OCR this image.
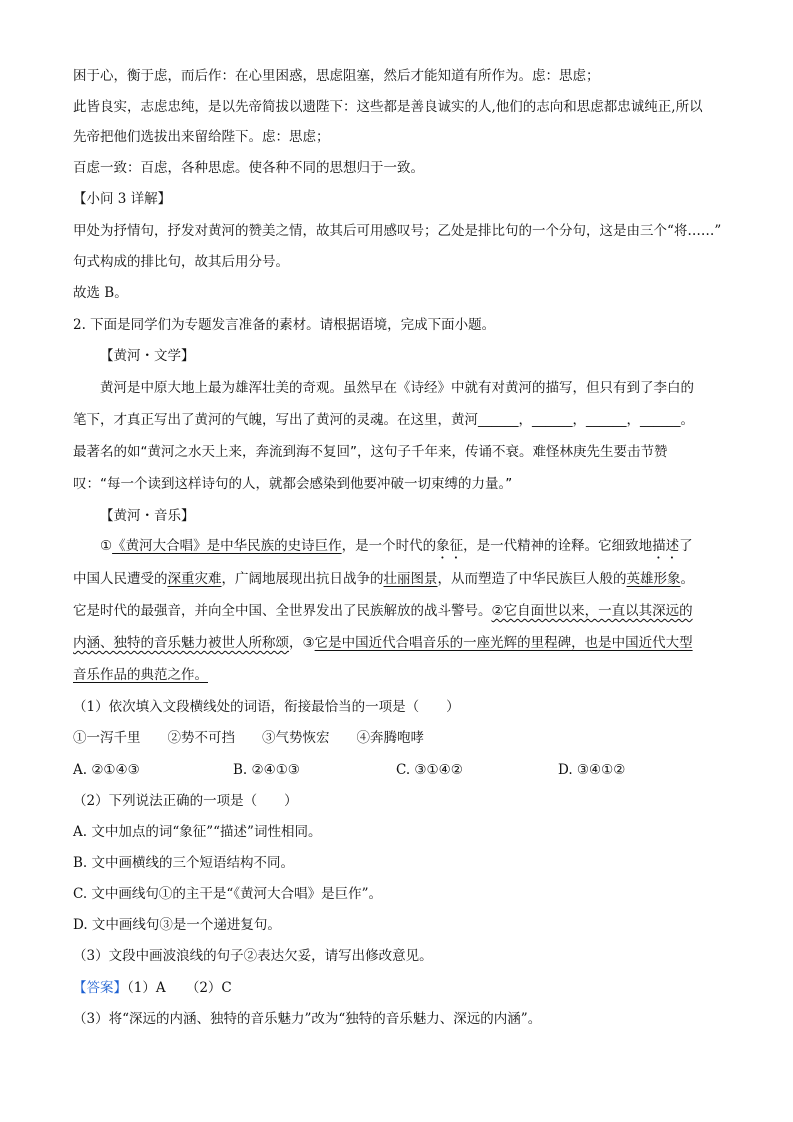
困于心，衡于虑，而后作：在心里困惑，思虑阻塞，然后才能知道有所作为。虑：思虑；
此皆良实，志虑忠纯，是以先帝简拔以遗陛下：这些都是善良诚实的人,他们的志向和思虑都忠诚纯正,所以
先帝把他们选拔出来留给陛下。虑：思虑；
百虑一致：百虑，各种思虑。使各种不同的思想归于一致。
【小问 3 详解】
甲处为抒情句，抒发对黄河的赞美之情，故其后可用感叹号；乙处是排比句的一个分句，这是由三个“将……”
句式构成的排比句，故其后用分号。
故选 B。
2. 下面是同学们为专题发言准备的素材。请根据语境，完成下面小题。
【黄河・文学】
黄河是中原大地上最为雄浑壮美的奇观。虽然早在《诗经》中就有对黄河的描写，但只有到了李白的
笔下，才真正写出了黄河的气魄，写出了黄河的灵魂。在这里，黄河______，______，______，______。
最著名的如“黄河之水天上来，奔流到海不复回”，这句子千年来，传诵不衰。难怪林庚先生要击节赞
叹：“每一个读到这样诗句的人，就都会感染到他要冲破一切束缚的力量。”
【黄河・音乐】
①《黄河大合唱》是中华民族的史诗巨作，是一个时代的象征，是一代精神的诠释。它细致地描述了
中国人民遭受的深重灾难，广阔地展现出抗日战争的壮丽图景，从而塑造了中华民族巨人般的英雄形象。
它是时代的最强音，并向全中国、全世界发出了民族解放的战斗警号。②它自面世以来，一直以其深远的
内涵、独特的音乐魅力被世人所称颂，③它是中国近代合唱音乐的一座光辉的里程碑，也是中国近代大型
音乐作品的典范之作。
（1）依次填入文段横线处的词语，衔接最恰当的一项是（　　）
①一泻千里　　②势不可挡　　③气势恢宏　　④奔腾咆哮
A. ②①④③	B. ②④①③	C. ③①④②	D. ③④①②
（2）下列说法正确的一项是（　　）
A. 文中加点的词“象征”“描述”词性相同。
B. 文中画横线的三个短语结构不同。
C. 文中画线句①的主干是“《黄河大合唱》是巨作”。
D. 文中画线句③是一个递进复句。
（3）文段中画波浪线的句子②表达欠妥，请写出修改意见。
【答案】（1）A　　（2）C
（3）将“深远的内涵、独特的音乐魅力”改为“独特的音乐魅力、深远的内涵”。
